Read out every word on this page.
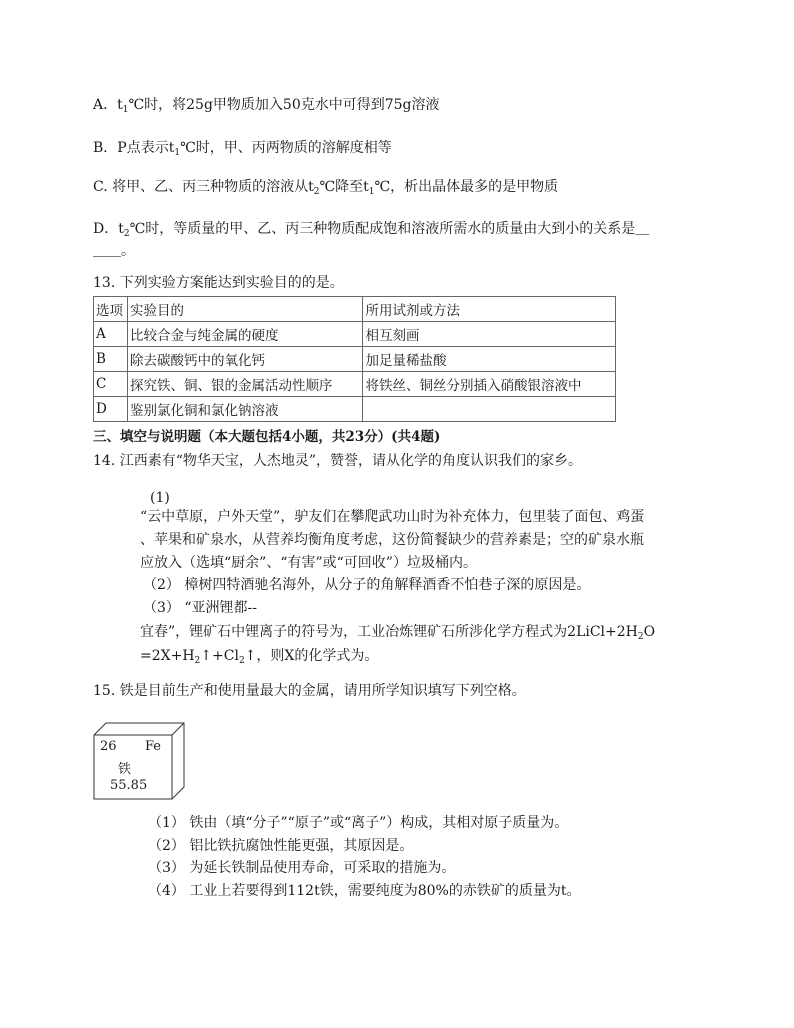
A．$t_1℃$时，将25g甲物质加入50克水中可得到75g溶液
B．P点表示$t_1℃$时，甲、丙两物质的溶解度相等
C. 将甲、乙、丙三种物质的溶液从$t_2℃$降至$t_1℃$，析出晶体最多的是甲物质
D．$t_2℃$时，等质量的甲、乙、丙三种物质配成饱和溶液所需水的质量由大到小的关系是＿
＿＿。
13. 下列实验方案能达到实验目的的是。
选项	实验目的	所用试剂或方法
A	比较合金与纯金属的硬度	相互刻画
B	除去碳酸钙中的氧化钙	加足量稀盐酸
C	探究铁、铜、银的金属活动性顺序	将铁丝、铜丝分别插入硝酸银溶液中
D	鉴别氯化铜和氯化钠溶液	
三、填空与说明题（本大题包括4小题，共23分）(共4题)
14. 江西素有“物华天宝，人杰地灵”，赞誉，请从化学的角度认识我们的家乡。
(1)
“云中草原，户外天堂”，驴友们在攀爬武功山时为补充体力，包里装了面包、鸡蛋
、苹果和矿泉水，从营养均衡角度考虑，这份简餐缺少的营养素是；空的矿泉水瓶
应放入（选填“厨余”、“有害”或“可回收”）垃圾桶内。
（2） 樟树四特酒驰名海外，从分子的角解释酒香不怕巷子深的原因是。
（3） “亚洲锂都--
宜春”，锂矿石中锂离子的符号为，工业冶炼锂矿石所涉化学方程式为$2LiCl+2H_2O$
$=2X+H_2↑+Cl_2↑$，则X的化学式为。
15. 铁是目前生产和使用量最大的金属，请用所学知识填写下列空格。
26 Fe
铁
55.85
（1） 铁由（填“分子”“原子”或“离子”）构成，其相对原子质量为。
（2） 铝比铁抗腐蚀性能更强，其原因是。
（3） 为延长铁制品使用寿命，可采取的措施为。
（4） 工业上若要得到112t铁，需要纯度为80%的赤铁矿的质量为t。
